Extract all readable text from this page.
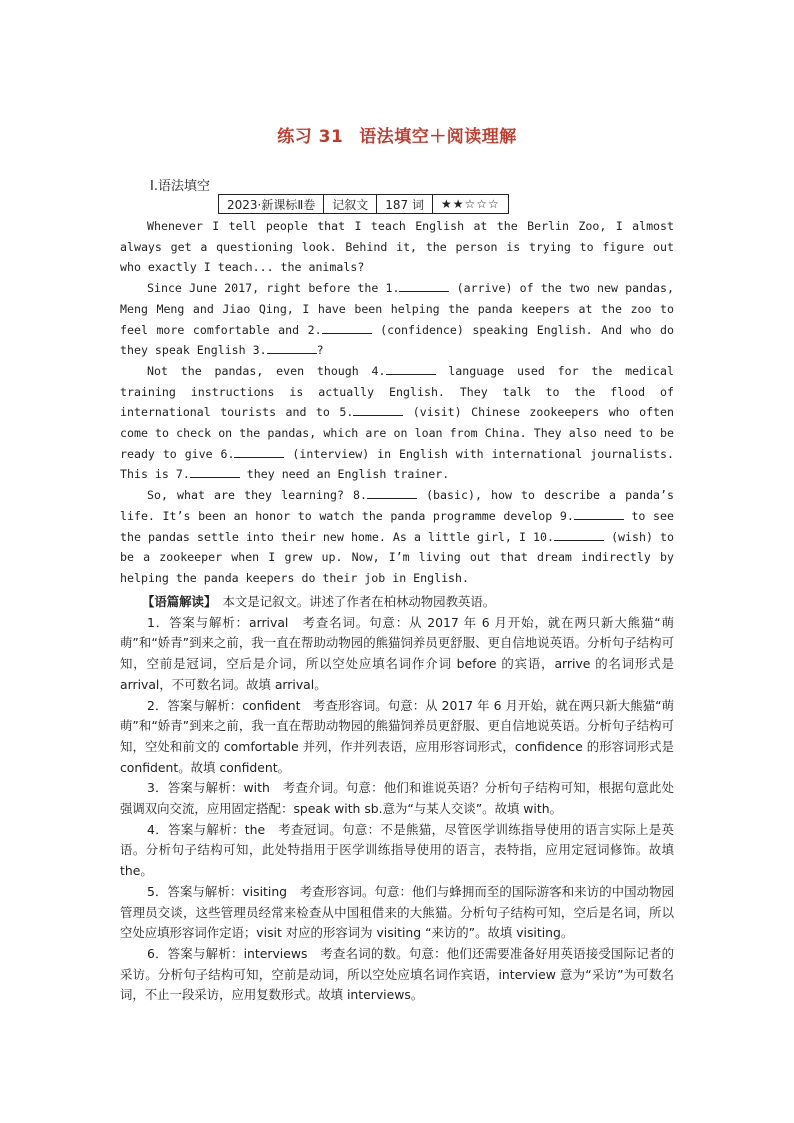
练习 31 语法填空＋阅读理解
Ⅰ.语法填空
2023·新课标Ⅱ卷	记叙文	187 词	★★☆☆☆

Whenever I tell people that I teach English at the Berlin Zoo, I almost always get a questioning look. Behind it, the person is trying to figure out who exactly I teach... the animals?

Since June 2017, right before the 1.	(arrive) of the two new pandas, Meng Meng and Jiao Qing, I have been helping the panda keepers at the zoo to feel more comfortable and 2.	(confidence) speaking English. And who do they speak English 3.	?

Not the pandas, even though 4.	language used for the medical training instructions is actually English. They talk to the flood of international tourists and to 5.	(visit) Chinese zookeepers who often come to check on the pandas, which are on loan from China. They also need to be ready to give 6.	(interview) in English with international journalists. This is 7.	they need an English trainer.

So, what are they learning? 8.	(basic), how to describe a panda’s life. It’s been an honor to watch the panda programme develop 9.	to see the pandas settle into their new home. As a little girl, I 10.	(wish) to be a zookeeper when I grew up. Now, I’m living out that dream indirectly by helping the panda keepers do their job in English.

【语篇解读】　本文是记叙文。讲述了作者在柏林动物园教英语。

1．答案与解析：arrival　考查名词。句意：从 2017 年 6 月开始，就在两只新大熊猫“萌萌”和“娇青”到来之前，我一直在帮助动物园的熊猫饲养员更舒服、更自信地说英语。分析句子结构可知，空前是冠词，空后是介词，所以空处应填名词作介词 before 的宾语，arrive 的名词形式是 arrival，不可数名词。故填 arrival。

2．答案与解析：confident　考查形容词。句意：从 2017 年 6 月开始，就在两只新大熊猫“萌萌”和“娇青”到来之前，我一直在帮助动物园的熊猫饲养员更舒服、更自信地说英语。分析句子结构可知，空处和前文的 comfortable 并列，作并列表语，应用形容词形式，confidence 的形容词形式是 confident。故填 confident。

3．答案与解析：with　考查介词。句意：他们和谁说英语？分析句子结构可知，根据句意此处强调双向交流，应用固定搭配：speak with sb.意为“与某人交谈”。故填 with。

4．答案与解析：the　考查冠词。句意：不是熊猫，尽管医学训练指导使用的语言实际上是英语。分析句子结构可知，此处特指用于医学训练指导使用的语言，表特指，应用定冠词修饰。故填 the。

5．答案与解析：visiting　考查形容词。句意：他们与蜂拥而至的国际游客和来访的中国动物园管理员交谈，这些管理员经常来检查从中国租借来的大熊猫。分析句子结构可知，空后是名词，所以空处应填形容词作定语；visit 对应的形容词为 visiting “来访的”。故填 visiting。

6．答案与解析：interviews　考查名词的数。句意：他们还需要准备好用英语接受国际记者的采访。分析句子结构可知，空前是动词，所以空处应填名词作宾语，interview 意为“采访”为可数名词，不止一段采访，应用复数形式。故填 interviews。
